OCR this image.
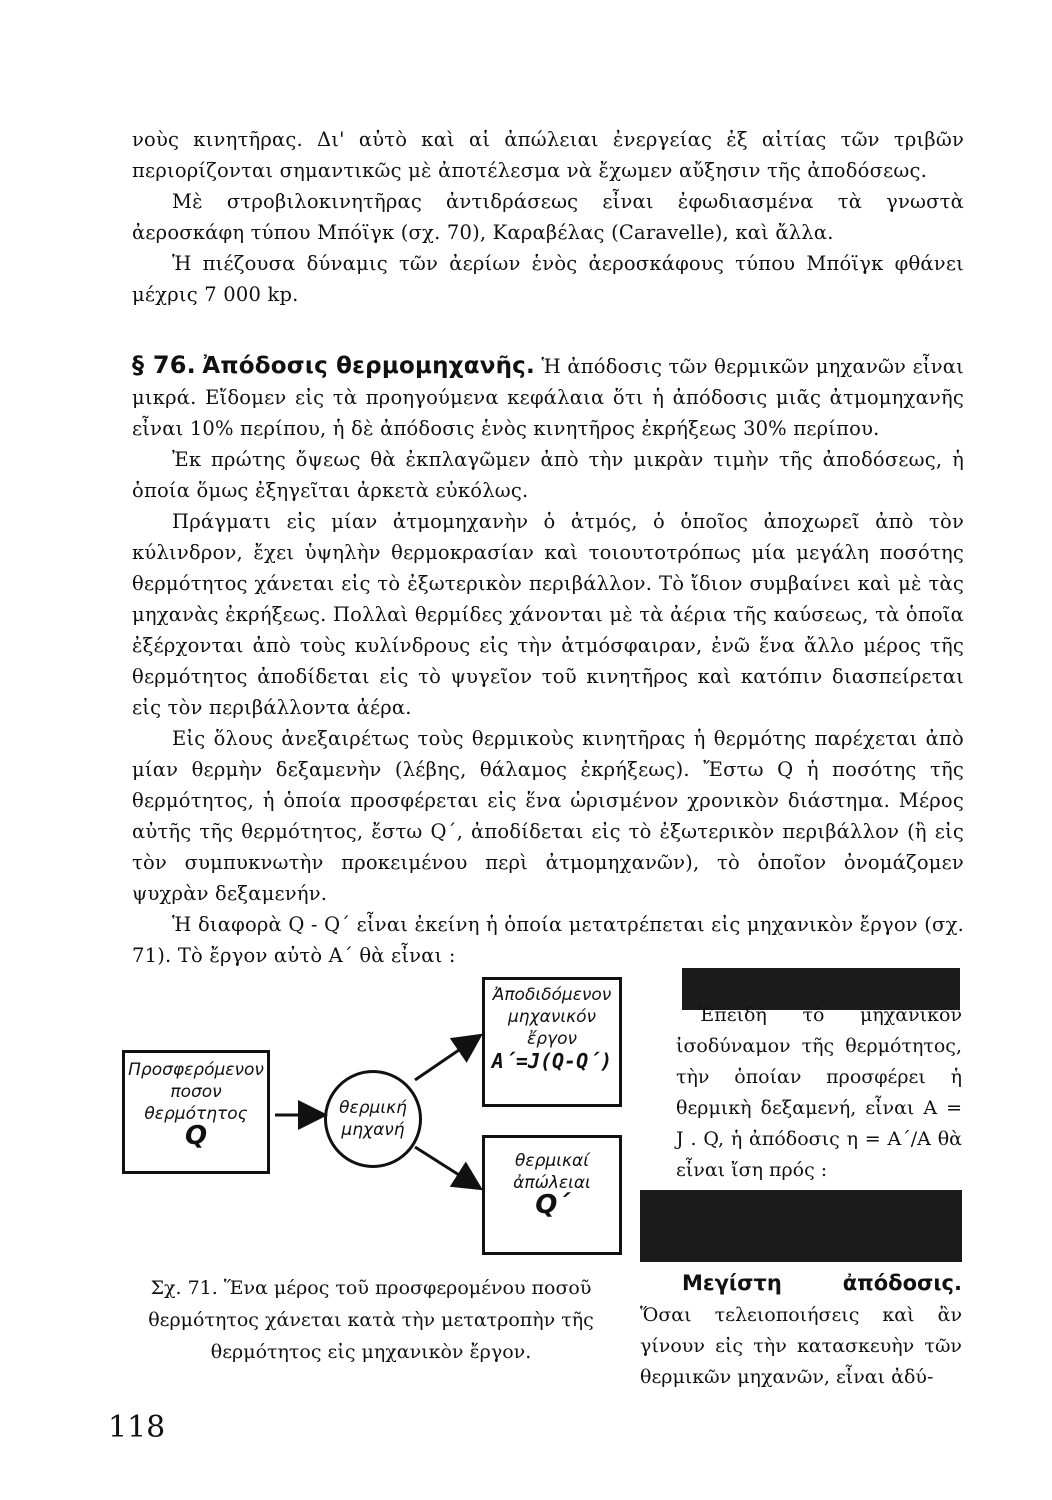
νοὺς κινητῆρας. Δι' αὐτὸ καὶ αἱ ἀπώλειαι ἐνεργείας ἐξ αἰτίας τῶν τριβῶν περιορίζονται σημαντικῶς μὲ ἀποτέλεσμα νὰ ἔχωμεν αὔξησιν τῆς ἀποδόσεως.

Μὲ στροβιλοκινητῆρας ἀντιδράσεως εἶναι ἐφωδιασμένα τὰ γνωστὰ ἀεροσκάφη τύπου Μπόϊγκ (σχ. 70), Καραβέλας (Caravelle), καὶ ἄλλα.

Ἡ πιέζουσα δύναμις τῶν ἀερίων ἑνὸς ἀεροσκάφους τύπου Μπόϊγκ φθάνει μέχρις 7 000 kp.

§ 76. Ἀπόδοσις θερμομηχανῆς. Ἡ ἀπόδοσις τῶν θερμικῶν μηχανῶν εἶναι μικρά. Εἴδομεν εἰς τὰ προηγούμενα κεφάλαια ὅτι ἡ ἀπόδοσις μιᾶς ἀτμομηχανῆς εἶναι 10% περίπου, ἡ δὲ ἀπόδοσις ἑνὸς κινητῆρος ἐκρήξεως 30% περίπου.

Ἐκ πρώτης ὄψεως θὰ ἐκπλαγῶμεν ἀπὸ τὴν μικρὰν τιμὴν τῆς ἀποδόσεως, ἡ ὁποία ὅμως ἐξηγεῖται ἀρκετὰ εὐκόλως.

Πράγματι εἰς μίαν ἀτμομηχανὴν ὁ ἀτμός, ὁ ὁποῖος ἀποχωρεῖ ἀπὸ τὸν κύλινδρον, ἔχει ὑψηλὴν θερμοκρασίαν καὶ τοιουτοτρόπως μία μεγάλη ποσότης θερμότητος χάνεται εἰς τὸ ἐξωτερικὸν περιβάλλον. Τὸ ἴδιον συμβαίνει καὶ μὲ τὰς μηχανὰς ἐκρήξεως. Πολλαὶ θερμίδες χάνονται μὲ τὰ ἀέρια τῆς καύσεως, τὰ ὁποῖα ἐξέρχονται ἀπὸ τοὺς κυλίνδρους εἰς τὴν ἀτμόσφαιραν, ἐνῶ ἕνα ἄλλο μέρος τῆς θερμότητος ἀποδίδεται εἰς τὸ ψυγεῖον τοῦ κινητῆρος καὶ κατόπιν διασπείρεται εἰς τὸν περιβάλλοντα ἀέρα.

Εἰς ὅλους ἀνεξαιρέτως τοὺς θερμικοὺς κινητῆρας ἡ θερμότης παρέχεται ἀπὸ μίαν θερμὴν δεξαμενὴν (λέβης, θάλαμος ἐκρήξεως). Ἔστω Q ἡ ποσότης τῆς θερμότητος, ἡ ὁποία προσφέρεται εἰς ἕνα ὡρισμένον χρονικὸν διάστημα. Μέρος αὐτῆς τῆς θερμότητος, ἔστω Q΄, ἀποδίδεται εἰς τὸ ἐξωτερικὸν περιβάλλον (ἢ εἰς τὸν συμπυκνωτὴν προκειμένου περὶ ἀτμομηχανῶν), τὸ ὁποῖον ὀνομάζομεν ψυχρὰν δεξαμενήν.

Ἡ διαφορὰ Q - Q΄ εἶναι ἐκείνη ἡ ὁποία μετατρέπεται εἰς μηχανικὸν ἔργον (σχ. 71). Τὸ ἔργον αὐτὸ Α΄ θὰ εἶναι :

Προσφερόμενον
ποσον
θερμότητος
Q
θερμική
μηχανή
Ἀποδιδόμενον
μηχανικόν
ἔργον
A΄=J(Q-Q΄)
θερμικαί
ἀπώλειαι
Q΄
Σχ. 71. Ἕνα μέρος τοῦ προσφερομένου ποσοῦ θερμότητος χάνεται κατὰ τὴν μετατροπὴν τῆς θερμότητος εἰς μηχανικὸν ἔργον.

Ἐπειδὴ τὸ μηχανικὸν ἰσοδύναμον τῆς θερμότητος, τὴν ὁποίαν προσφέρει ἡ θερμικὴ δεξαμενή, εἶναι Α = J . Q, ἡ ἀπόδοσις η = Α΄/Α θὰ εἶναι ἴση πρός :

Μεγίστη ἀπόδοσις. Ὅσαι τελειοποιήσεις καὶ ἂν γίνουν εἰς τὴν κατασκευὴν τῶν θερμικῶν μηχανῶν, εἶναι ἀδύ-

118
